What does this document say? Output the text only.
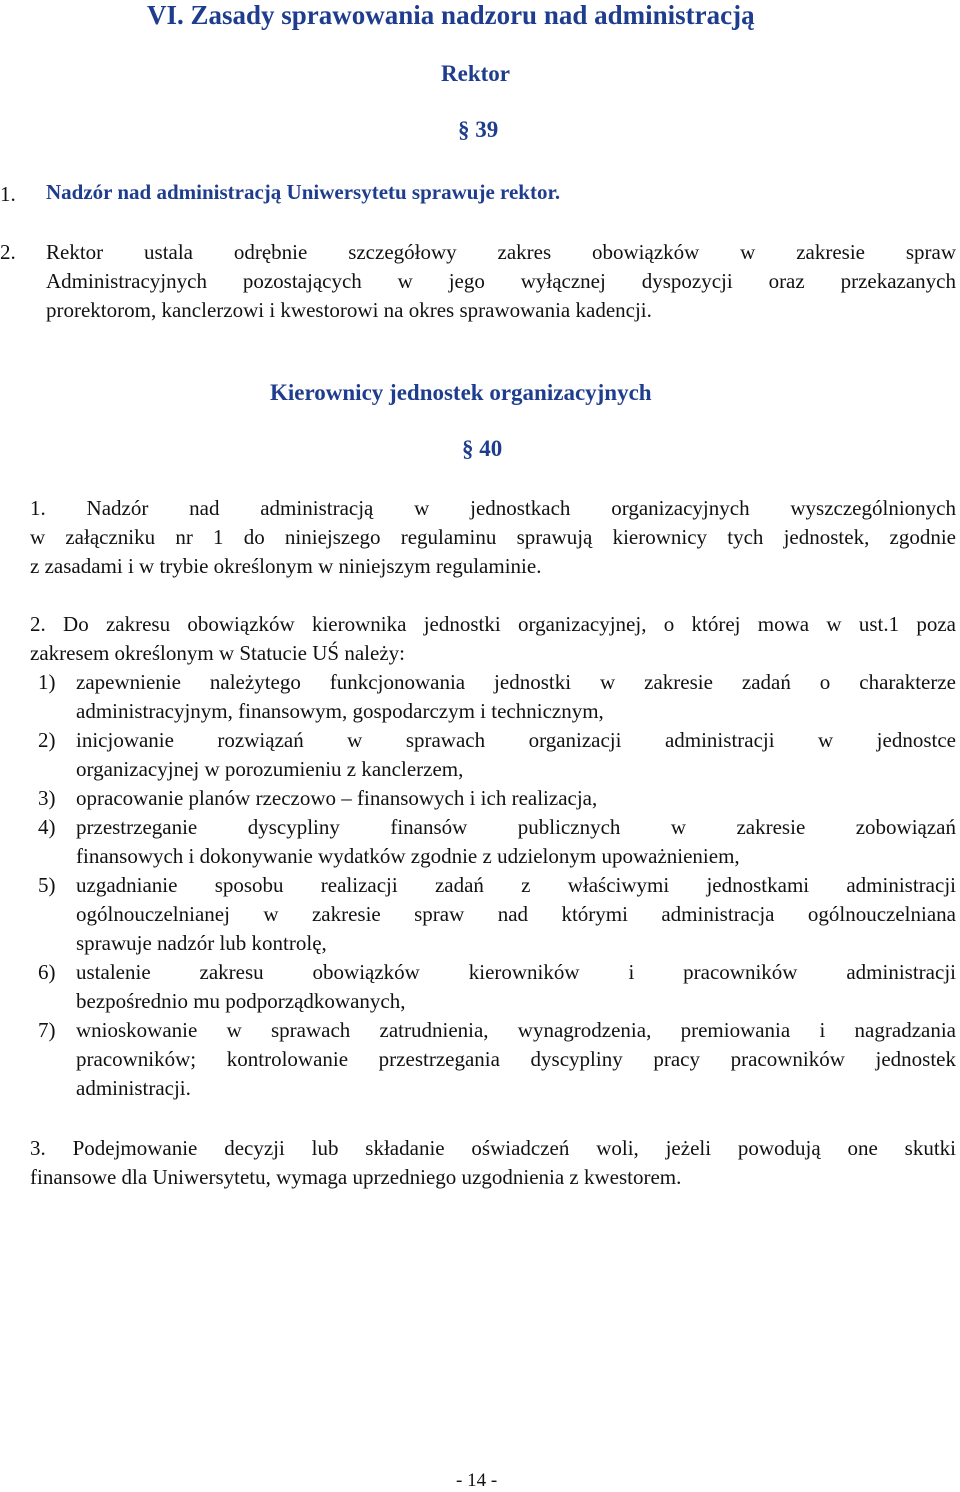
VI. Zasady sprawowania nadzoru nad administracją
Rektor
§ 39
1. Nadzór nad administracją Uniwersytetu sprawuje rektor.
2. Rektor ustala odrębnie szczegółowy zakres obowiązków w zakresie spraw
Administracyjnych pozostających w jego wyłącznej dyspozycji oraz przekazanych
prorektorom, kanclerzowi i kwestorowi na okres sprawowania kadencji.
Kierownicy jednostek organizacyjnych
§ 40
1. Nadzór nad administracją w jednostkach organizacyjnych wyszczególnionych
w załączniku nr 1 do niniejszego regulaminu sprawują kierownicy tych jednostek, zgodnie
z zasadami i w trybie określonym w niniejszym regulaminie.
2. Do zakresu obowiązków kierownika jednostki organizacyjnej, o której mowa w ust.1 poza
zakresem określonym w Statucie UŚ należy:
1) zapewnienie należytego funkcjonowania jednostki w zakresie zadań o charakterze
administracyjnym, finansowym, gospodarczym i technicznym,
2) inicjowanie rozwiązań w sprawach organizacji administracji w jednostce
organizacyjnej w porozumieniu z kanclerzem,
3) opracowanie planów rzeczowo – finansowych i ich realizacja,
4) przestrzeganie dyscypliny finansów publicznych w zakresie zobowiązań
finansowych i dokonywanie wydatków zgodnie z udzielonym upoważnieniem,
5) uzgadnianie sposobu realizacji zadań z właściwymi jednostkami administracji
ogólnouczelnianej w zakresie spraw nad którymi administracja ogólnouczelniana
sprawuje nadzór lub kontrolę,
6) ustalenie zakresu obowiązków kierowników i pracowników administracji
bezpośrednio mu podporządkowanych,
7) wnioskowanie w sprawach zatrudnienia, wynagrodzenia, premiowania i nagradzania
pracowników; kontrolowanie przestrzegania dyscypliny pracy pracowników jednostek
administracji.
3. Podejmowanie decyzji lub składanie oświadczeń woli, jeżeli powodują one skutki
finansowe dla Uniwersytetu, wymaga uprzedniego uzgodnienia z kwestorem.
- 14 -
